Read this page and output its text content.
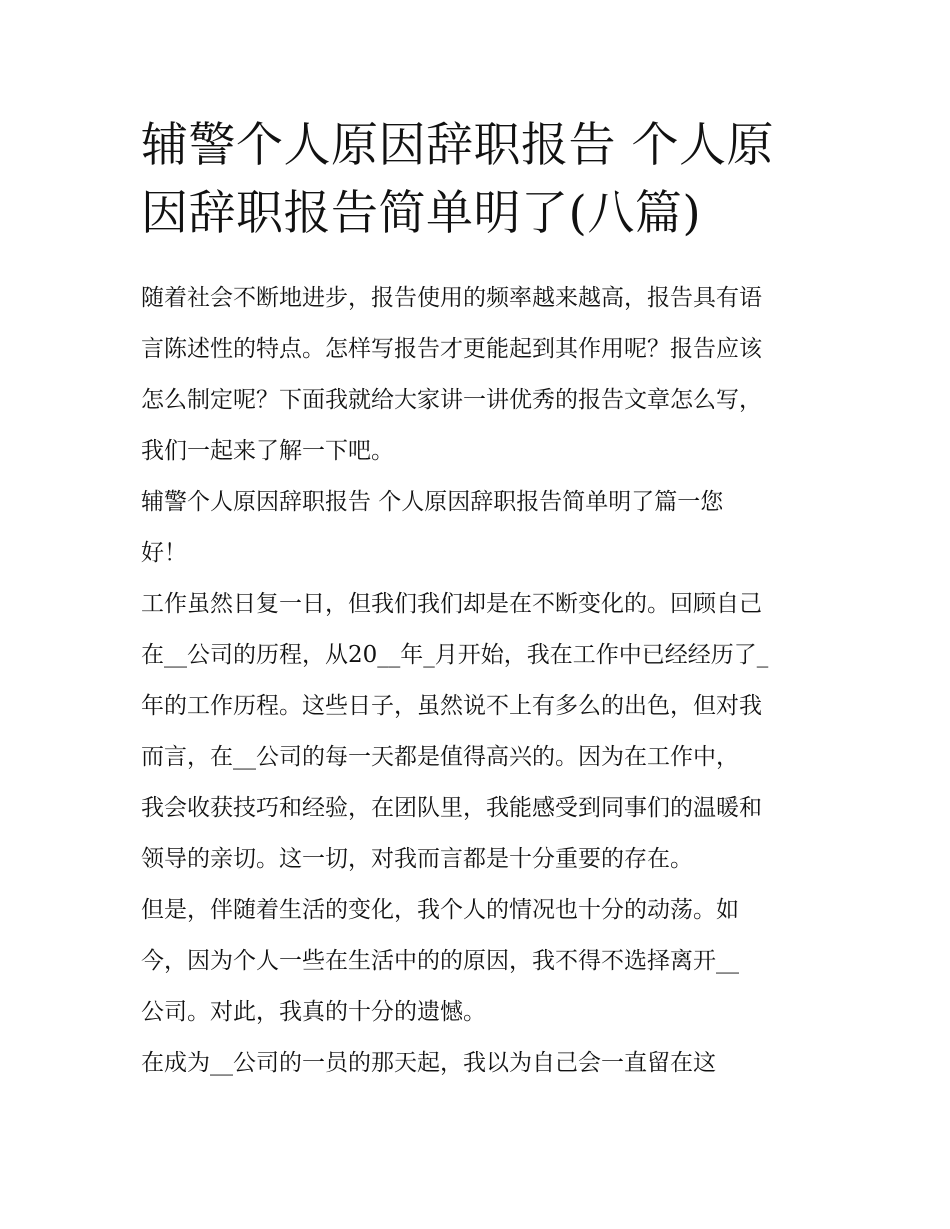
辅警个人原因辞职报告 个人原
因辞职报告简单明了(八篇)

随着社会不断地进步，报告使用的频率越来越高，报告具有语
言陈述性的特点。怎样写报告才更能起到其作用呢？报告应该
怎么制定呢？下面我就给大家讲一讲优秀的报告文章怎么写，
我们一起来了解一下吧。

辅警个人原因辞职报告 个人原因辞职报告简单明了篇一您
好！

工作虽然日复一日，但我们我们却是在不断变化的。回顾自己
在__公司的历程，从20__年_月开始，我在工作中已经经历了_
年的工作历程。这些日子，虽然说不上有多么的出色，但对我
而言，在__公司的每一天都是值得高兴的。因为在工作中，
我会收获技巧和经验，在团队里，我能感受到同事们的温暖和
领导的亲切。这一切，对我而言都是十分重要的存在。

但是，伴随着生活的变化，我个人的情况也十分的动荡。如
今，因为个人一些在生活中的的原因，我不得不选择离开__
公司。对此，我真的十分的遗憾。

在成为__公司的一员的那天起，我以为自己会一直留在这
